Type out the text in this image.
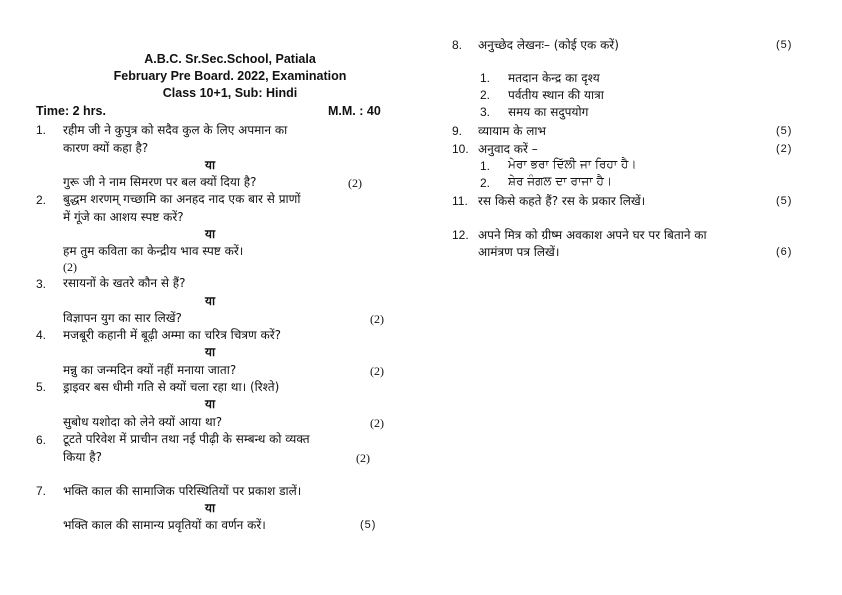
A.B.C. Sr.Sec.School, Patiala
February Pre Board. 2022, Examination
Class 10+1, Sub: Hindi
Time: 2 hrs.	M.M. : 40
1. रहीम जी ने कुपुत्र को सदैव कुल के लिए अपमान का
कारण क्यों कहा है?
या
गुरू जी ने नाम सिमरण पर बल क्यों दिया है?	(2)
2. बुद्धम शरणम् गच्छामि का अनहद नाद एक बार से प्राणों
में गूंजे का आशय स्पष्ट करें?
या
हम तुम कविता का केन्द्रीय भाव स्पष्ट करें।
(2)
3. रसायनों के खतरे कौन से हैं?
या
विज्ञापन युग का सार लिखें?	(2)
4. मजबूरी कहानी में बूढ़ी अम्मा का चरित्र चित्रण करें?
या
मन्नु का जन्मदिन क्यों नहीं मनाया जाता?	(2)
5. ड्राइवर बस धीमी गति से क्यों चला रहा था। (रिश्ते)
या
सुबोध यशोदा को लेने क्यों आया था?	(2)
6. टूटते परिवेश में प्राचीन तथा नई पीढ़ी के सम्बन्ध को व्यक्त
किया है?	(2)
7. भक्ति काल की सामाजिक परिस्थितियों पर प्रकाश डालें।
या
भक्ति काल की सामान्य प्रवृतियों का वर्णन करें।	(5)
8. अनुच्छेद लेखनः– (कोई एक करें)	(5)
1. मतदान केन्द्र का दृश्य
2. पर्वतीय स्थान की यात्रा
3. समय का सदुपयोग
9. व्यायाम के लाभ	(5)
10. अनुवाद करें –	(2)
1. ਮੇਰਾ ਭਰਾ ਦਿੱਲੀ ਜਾ ਰਿਹਾ ਹੈ।
2. ਸ਼ੇਰ ਜੰਗਲ ਦਾ ਰਾਜਾ ਹੈ।
11. रस किसे कहते हैं? रस के प्रकार लिखें।	(5)
12. अपने मित्र को ग्रीष्म अवकाश अपने घर पर बिताने का
आमंत्रण पत्र लिखें।	(6)
